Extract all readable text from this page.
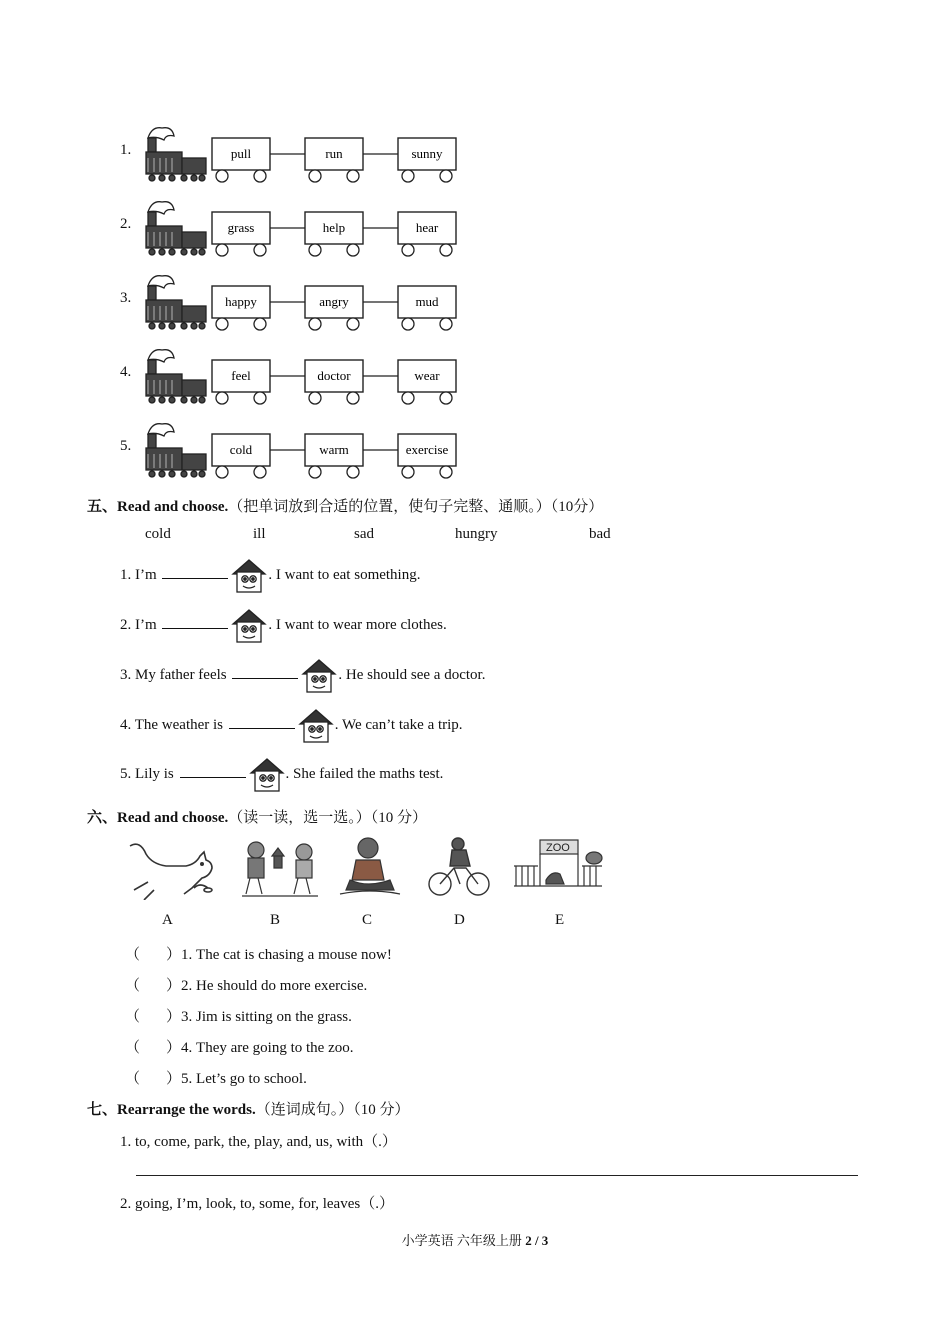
1.	pull	run	sunny
2.	grass	help	hear
3.	happy	angry	mud
4.	feel	doctor	wear
5.	cold	warm	exercise
五、Read and choose.（把单词放到合适的位置，使句子完整、通顺。）（10分）
cold	ill	sad	hungry	bad
1. I’m	. I want to eat something.
2. I’m	. I want to wear more clothes.
3. My father feels	. He should see a doctor.
4. The weather is	. We can’t take a trip.
5. Lily is	. She failed the maths test.
六、Read and choose.（读一读，选一选。）（10 分）
ZOO
A	B	C	D	E
（ ）1. The cat is chasing a mouse now!
（ ）2. He should do more exercise.
（ ）3. Jim is sitting on the grass.
（ ）4. They are going to the zoo.
（ ）5. Let’s go to school.
七、Rearrange the words.（连词成句。）（10 分）
1. to, come, park, the, play, and, us, with（.）
2. going, I’m, look, to, some, for, leaves（.）
小学英语 六年级上册 2 / 3
